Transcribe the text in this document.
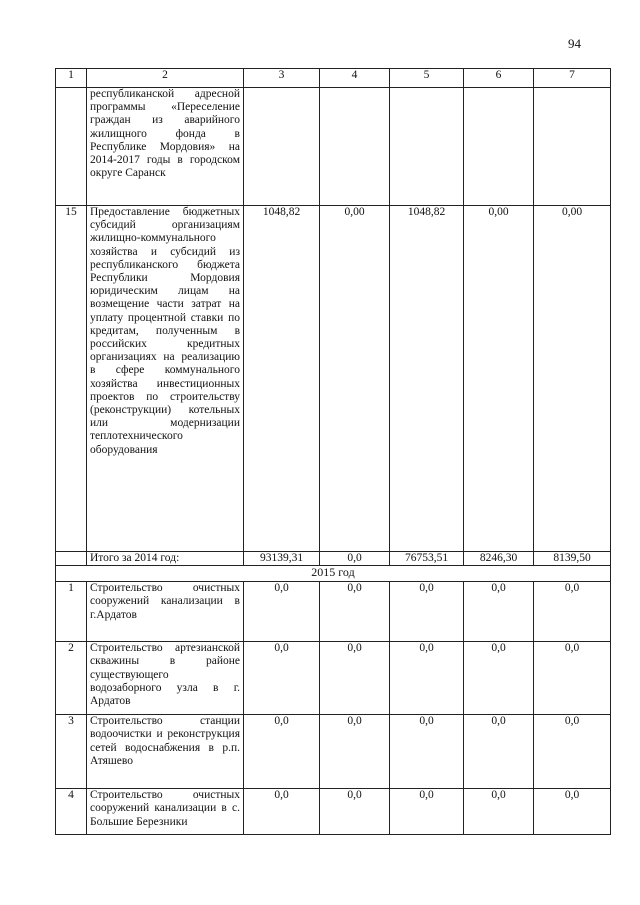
94
1	2	3	4	5	6	7
	республиканской адресной программы «Переселение граждан из аварийного жилищного фонда в Республике Мордовия» на 2014-2017 годы в городском округе Саранск					
15	Предоставление бюджетных субсидий организациям жилищно-коммунального хозяйства и субсидий из республиканского бюджета Республики Мордовия юридическим лицам на возмещение части затрат на уплату процентной ставки по кредитам, полученным в российских кредитных организациях на реализацию в сфере коммунального хозяйства инвестиционных проектов по строительству (реконструкции) котельных или модернизации теплотехнического оборудования	1048,82	0,00	1048,82	0,00	0,00
	Итого за 2014 год:	93139,31	0,0	76753,51	8246,30	8139,50
2015 год						
1	Строительство очистных сооружений канализации в г.Ардатов	0,0	0,0	0,0	0,0	0,0
2	Строительство артезианской скважины в районе существующего водозаборного узла в г. Ардатов	0,0	0,0	0,0	0,0	0,0
3	Строительство станции водоочистки и реконструкция сетей водоснабжения в р.п. Атяшево	0,0	0,0	0,0	0,0	0,0
4	Строительство очистных сооружений канализации в с. Большие Березники	0,0	0,0	0,0	0,0	0,0
